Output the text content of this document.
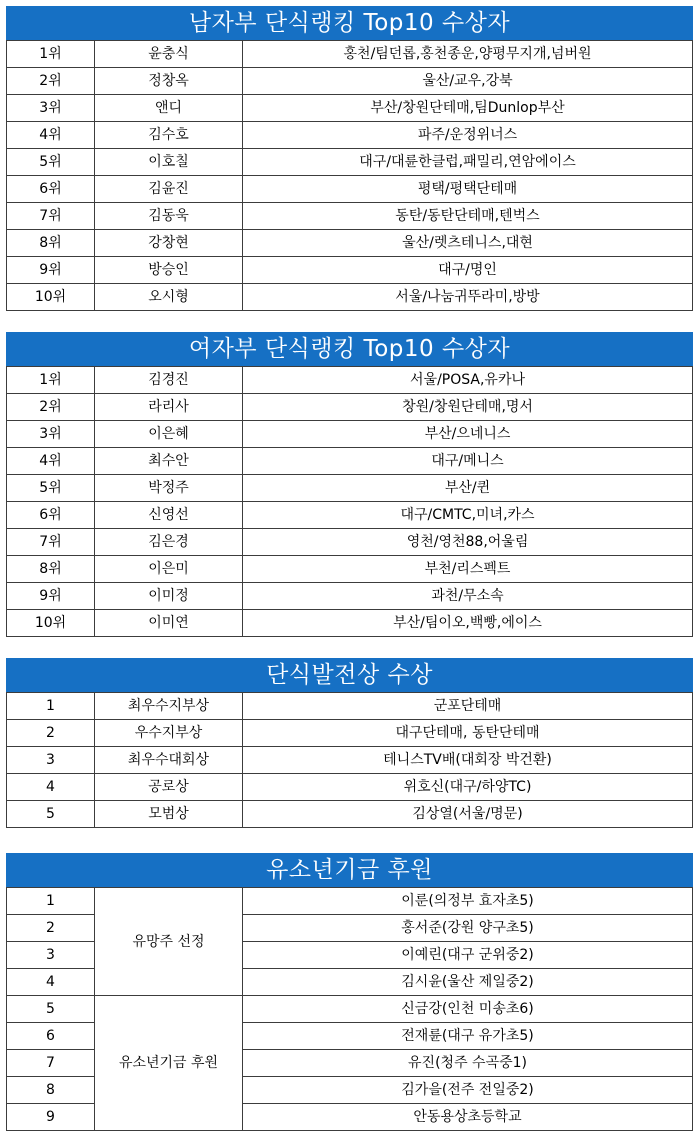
남자부 단식랭킹 Top10 수상자		
1위	윤충식	홍천/팀던롭,홍천종운,양평무지개,넘버원
2위	정창옥	울산/교우,강북
3위	앤디	부산/창원단테매,팀Dunlop부산
4위	김수호	파주/운정위너스
5위	이호칠	대구/대륜한클럽,패밀리,연암에이스
6위	김윤진	평택/평택단테매
7위	김동욱	동탄/동탄단테매,텐벅스
8위	강창현	울산/렛츠테니스,대현
9위	방승인	대구/명인
10위	오시형	서울/나눔귀뚜라미,방방
여자부 단식랭킹 Top10 수상자		
1위	김경진	서울/POSA,유카나
2위	라리사	창원/창원단테매,명서
3위	이은혜	부산/으네니스
4위	최수안	대구/메니스
5위	박정주	부산/퀸
6위	신영선	대구/CMTC,미녀,카스
7위	김은경	영천/영천88,어울림
8위	이은미	부천/리스펙트
9위	이미정	과천/무소속
10위	이미연	부산/팀이오,백빵,에이스
단식발전상 수상		
1	최우수지부상	군포단테매
2	우수지부상	대구단테매, 동탄단테매
3	최우수대회상	테니스TV배(대회장 박건환)
4	공로상	위호신(대구/하양TC)
5	모범상	김상열(서울/명문)
유소년기금 후원		
1	유망주 선정	이룬(의정부 효자초5)
2		홍서준(강원 양구초5)
3		이예린(대구 군위중2)
4		김시윤(울산 제일중2)
5	유소년기금 후원	신금강(인천 미송초6)
6		전재륜(대구 유가초5)
7		유진(청주 수곡중1)
8		김가을(전주 전일중2)
9		안동용상초등학교
